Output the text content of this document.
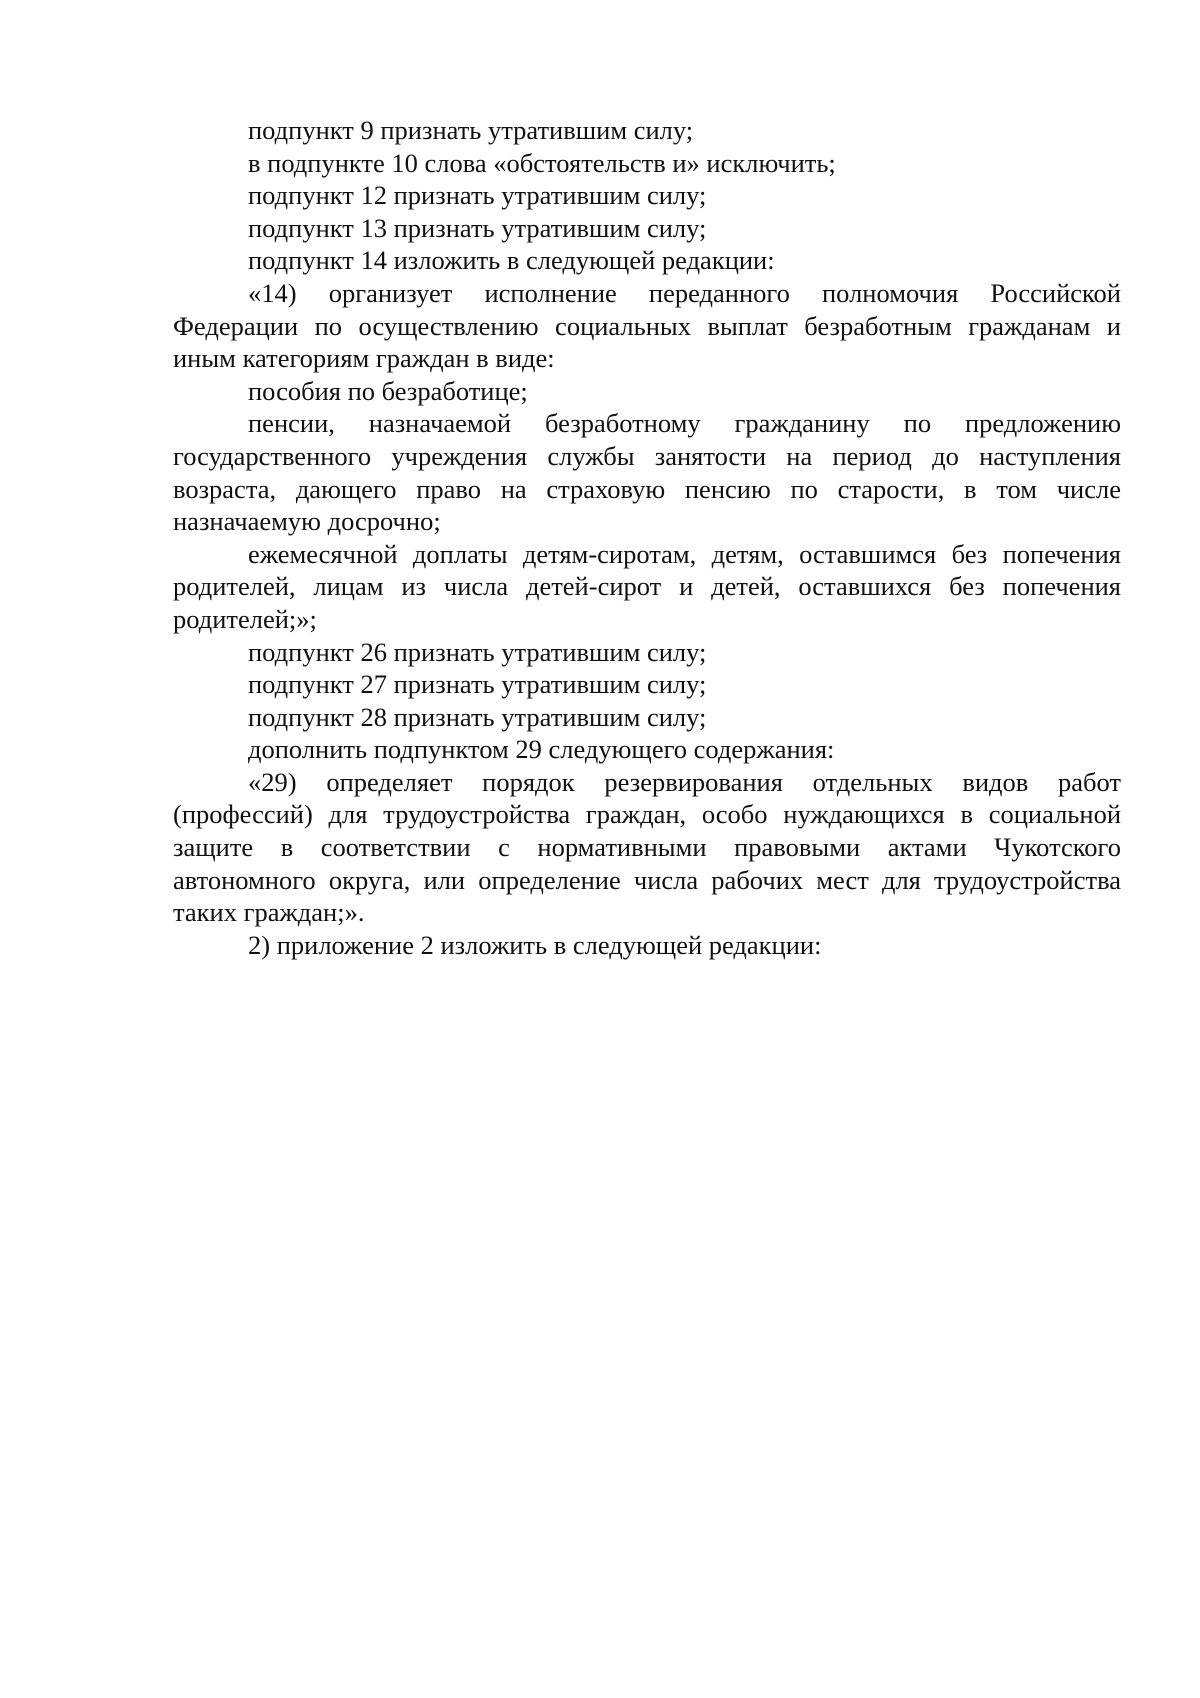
подпункт 9 признать утратившим силу;

в подпункте 10 слова «обстоятельств и» исключить;

подпункт 12 признать утратившим силу;

подпункт 13 признать утратившим силу;

подпункт 14 изложить в следующей редакции:

«14) организует исполнение переданного полномочия Российской Федерации по осуществлению социальных выплат безработным гражданам и иным категориям граждан в виде:

пособия по безработице;

пенсии, назначаемой безработному гражданину по предложению государственного учреждения службы занятости на период до наступления возраста, дающего право на страховую пенсию по старости, в том числе назначаемую досрочно;

ежемесячной доплаты детям-сиротам, детям, оставшимся без попечения родителей, лицам из числа детей-сирот и детей, оставшихся без попечения родителей;»;

подпункт 26 признать утратившим силу;

подпункт 27 признать утратившим силу;

подпункт 28 признать утратившим силу;

дополнить подпунктом 29 следующего содержания:

«29) определяет порядок резервирования отдельных видов работ (профессий) для трудоустройства граждан, особо нуждающихся в социальной защите в соответствии с нормативными правовыми актами Чукотского автономного округа, или определение числа рабочих мест для трудоустройства таких граждан;».

2) приложение 2 изложить в следующей редакции:
